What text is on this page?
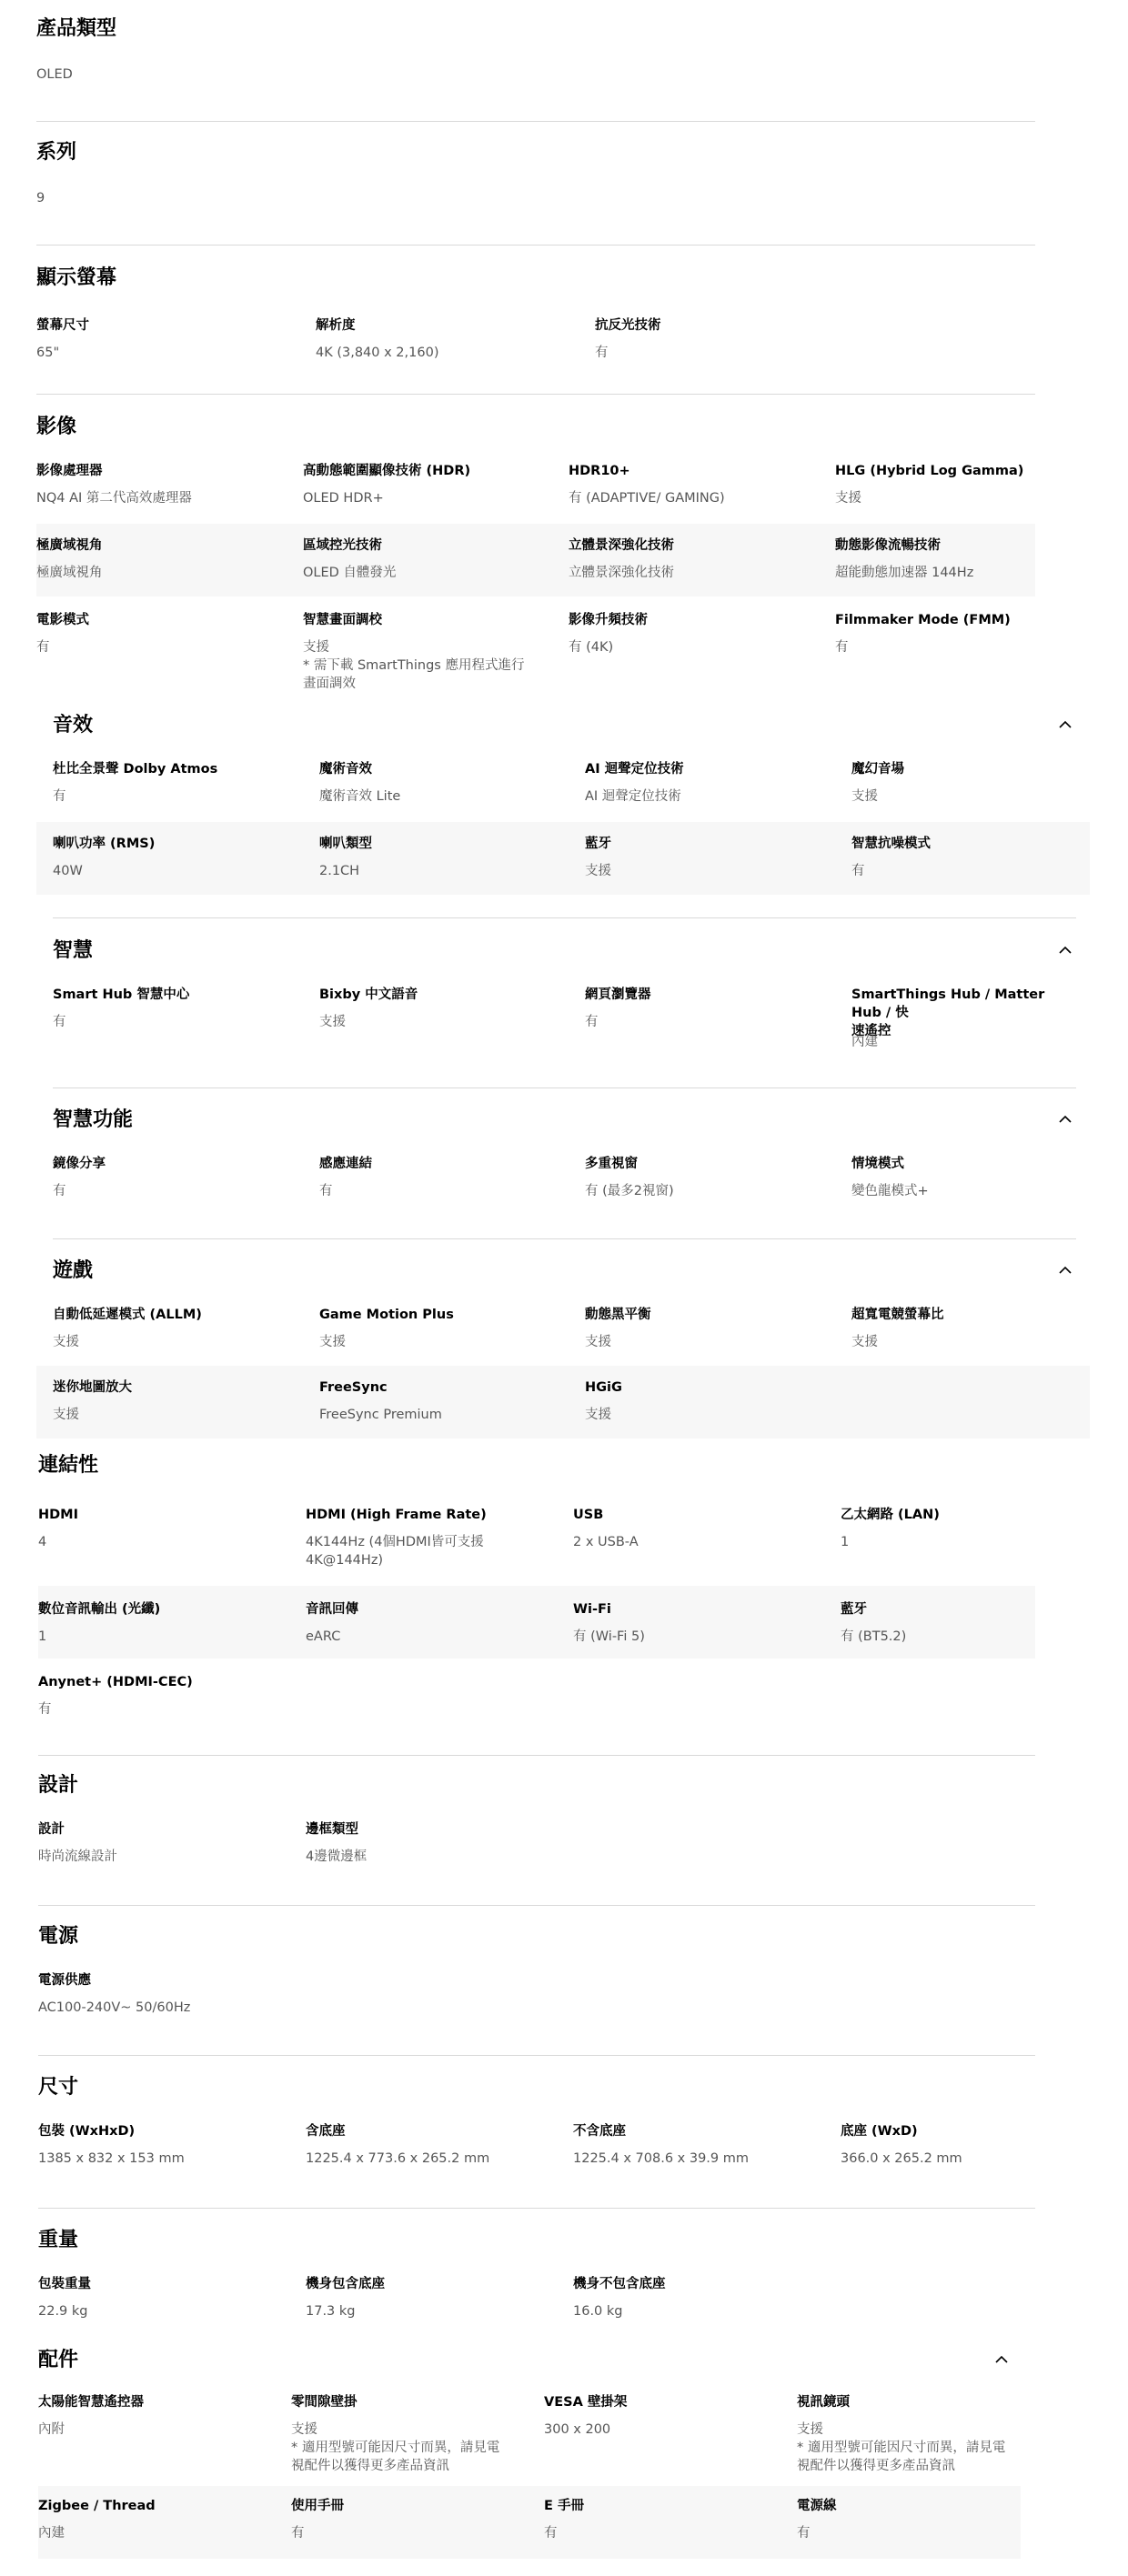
產品類型
OLED
系列
9
顯示螢幕
螢幕尺寸
65"
解析度
4K (3,840 x 2,160)
抗反光技術
有
影像
影像處理器
NQ4 AI 第二代高效處理器
高動態範圍顯像技術 (HDR)
OLED HDR+
HDR10+
有 (ADAPTIVE/ GAMING)
HLG (Hybrid Log Gamma)
支援
極廣域視角
極廣域視角
區域控光技術
OLED 自體發光
立體景深強化技術
立體景深強化技術
動態影像流暢技術
超能動態加速器 144Hz
電影模式
有
智慧畫面調校
支援
* 需下載 SmartThings 應用程式進行
畫面調效
影像升頻技術
有 (4K)
Filmmaker Mode (FMM)
有
音效
杜比全景聲 Dolby Atmos
有
魔術音效
魔術音效 Lite
AI 迴聲定位技術
AI 迴聲定位技術
魔幻音場
支援
喇叭功率 (RMS)
40W
喇叭類型
2.1CH
藍牙
支援
智慧抗噪模式
有
智慧
Smart Hub 智慧中心
有
Bixby 中文語音
支援
網頁瀏覽器
有
SmartThings Hub / Matter Hub / 快
速遙控
內建
智慧功能
鏡像分享
有
感應連結
有
多重視窗
有 (最多2視窗)
情境模式
變色龍模式+
遊戲
自動低延遲模式 (ALLM)
支援
Game Motion Plus
支援
動態黑平衡
支援
超寬電競螢幕比
支援
迷你地圖放大
支援
FreeSync
FreeSync Premium
HGiG
支援
連結性
HDMI
4
HDMI (High Frame Rate)
4K144Hz (4個HDMI皆可支援
4K@144Hz)
USB
2 x USB-A
乙太網路 (LAN)
1
數位音訊輸出 (光纖)
1
音訊回傳
eARC
Wi-Fi
有 (Wi-Fi 5)
藍牙
有 (BT5.2)
Anynet+ (HDMI-CEC)
有
設計
設計
時尚流線設計
邊框類型
4邊微邊框
電源
電源供應
AC100-240V~ 50/60Hz
尺寸
包裝 (WxHxD)
1385 x 832 x 153 mm
含底座
1225.4 x 773.6 x 265.2 mm
不含底座
1225.4 x 708.6 x 39.9 mm
底座 (WxD)
366.0 x 265.2 mm
重量
包裝重量
22.9 kg
機身包含底座
17.3 kg
機身不包含底座
16.0 kg
配件
太陽能智慧遙控器
內附
零間隙壁掛
支援
* 適用型號可能因尺寸而異，請見電
視配件以獲得更多產品資訊
VESA 壁掛架
300 x 200
視訊鏡頭
支援
* 適用型號可能因尺寸而異，請見電
視配件以獲得更多產品資訊
Zigbee / Thread
內建
使用手冊
有
E 手冊
有
電源線
有
